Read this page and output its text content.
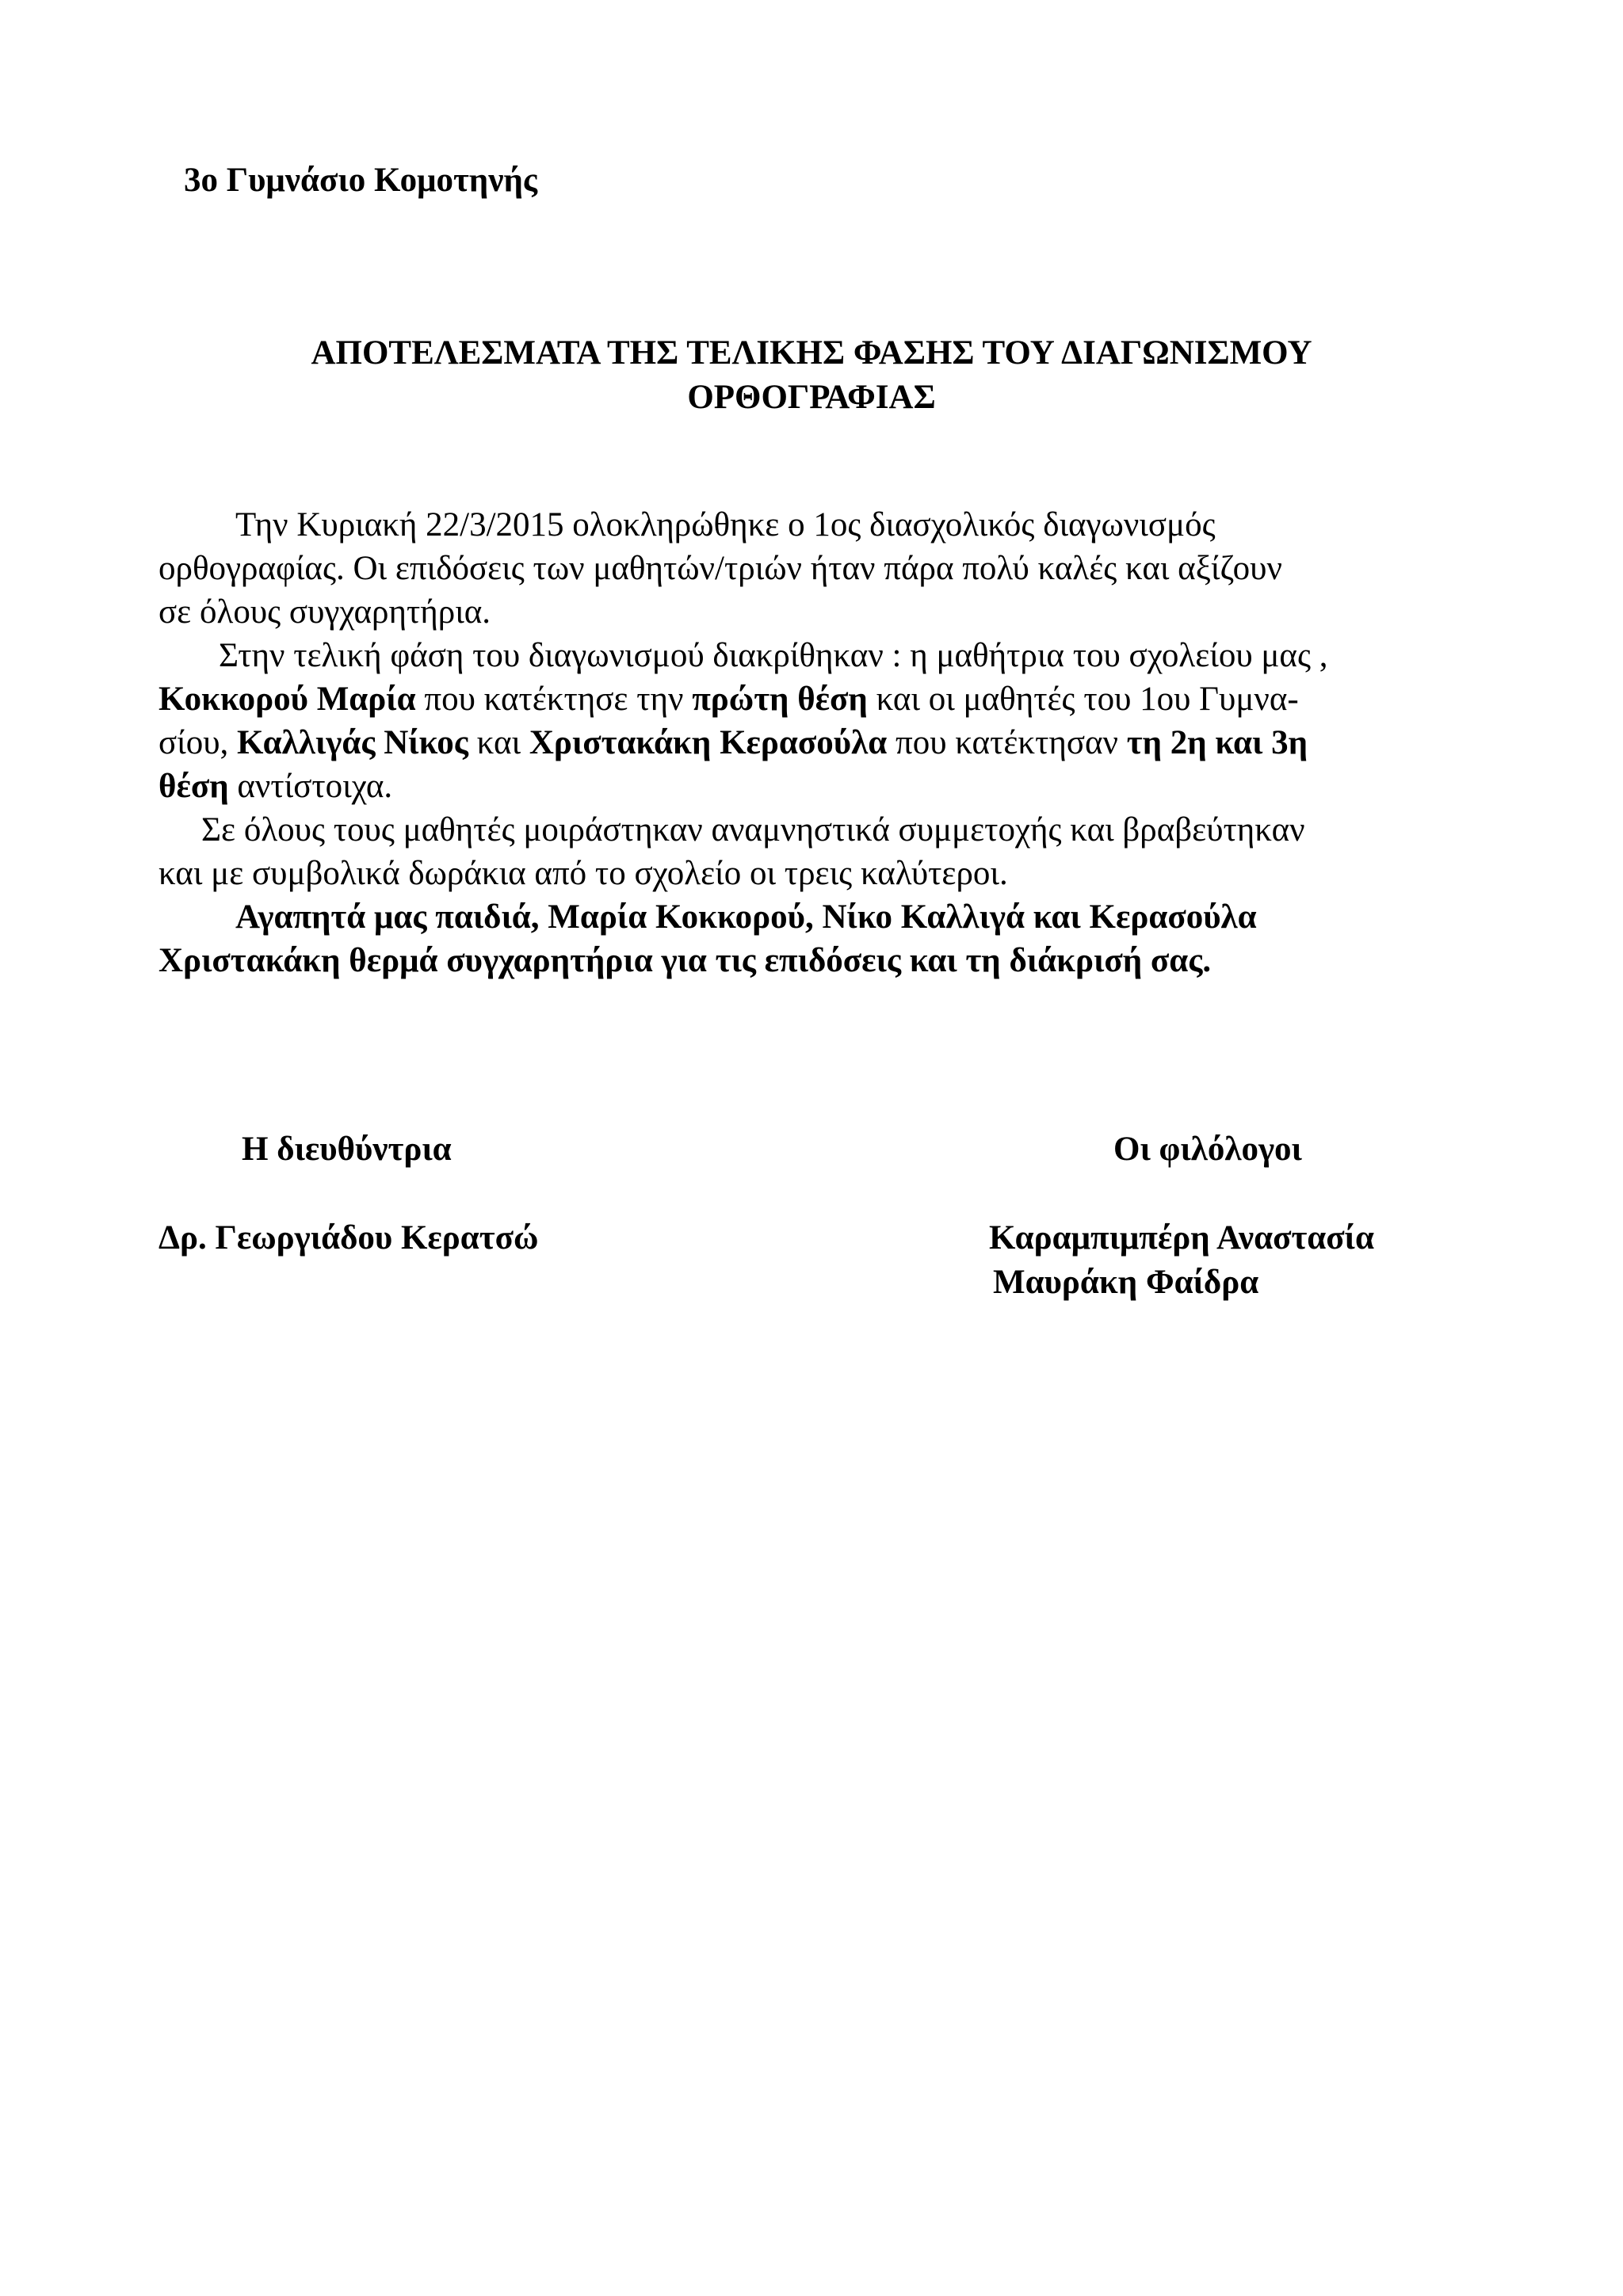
3ο Γυμνάσιο Κομοτηνής
ΑΠΟΤΕΛΕΣΜΑΤΑ ΤΗΣ ΤΕΛΙΚΗΣ ΦΑΣΗΣ ΤΟΥ ΔΙΑΓΩΝΙΣΜΟΥ
ΟΡΘΟΓΡΑΦΙΑΣ
Την Κυριακή 22/3/2015 ολοκληρώθηκε ο 1ος διασχολικός διαγωνισμός
ορθογραφίας. Οι επιδόσεις των μαθητών/τριών ήταν πάρα πολύ καλές και αξίζουν
σε όλους συγχαρητήρια.
Στην τελική φάση του διαγωνισμού διακρίθηκαν : η μαθήτρια του σχολείου μας ,
Κοκκορού Μαρία που κατέκτησε την πρώτη θέση και οι μαθητές του 1ου Γυμνα-
σίου, Καλλιγάς Νίκος και Χριστακάκη Κερασούλα που κατέκτησαν τη 2η και 3η
θέση αντίστοιχα.
Σε όλους τους μαθητές μοιράστηκαν αναμνηστικά συμμετοχής και βραβεύτηκαν
και με συμβολικά δωράκια από το σχολείο οι τρεις καλύτεροι.
Αγαπητά μας παιδιά, Μαρία Κοκκορού, Νίκο Καλλιγά και Κερασούλα
Χριστακάκη θερμά συγχαρητήρια για τις επιδόσεις και τη διάκρισή σας.
Η διευθύντρια
Δρ. Γεωργιάδου Κερατσώ
Οι φιλόλογοι
Καραμπιμπέρη Αναστασία
Μαυράκη Φαίδρα
